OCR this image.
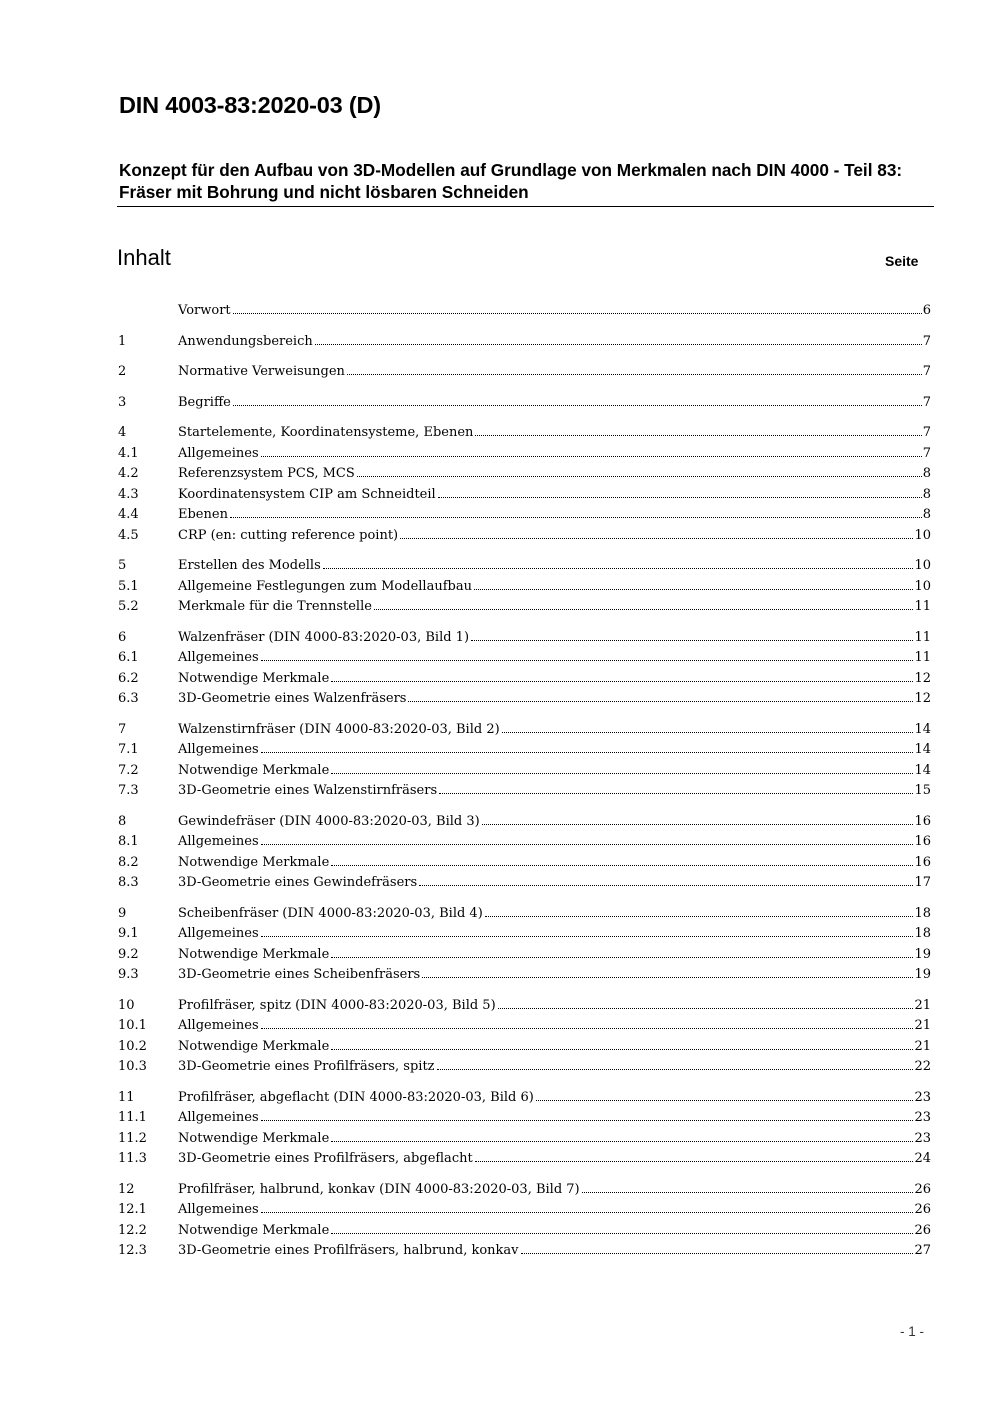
DIN 4003-83:2020-03 (D)
Konzept für den Aufbau von 3D-Modellen auf Grundlage von Merkmalen nach DIN 4000 - Teil 83: Fräser mit Bohrung und nicht lösbaren Schneiden
Inhalt	Seite
Vorwort	6
1	Anwendungsbereich	7
2	Normative Verweisungen	7
3	Begriffe	7
4	Startelemente, Koordinatensysteme, Ebenen	7
4.1	Allgemeines	7
4.2	Referenzsystem PCS, MCS	8
4.3	Koordinatensystem CIP am Schneidteil	8
4.4	Ebenen	8
4.5	CRP (en: cutting reference point)	10
5	Erstellen des Modells	10
5.1	Allgemeine Festlegungen zum Modellaufbau	10
5.2	Merkmale für die Trennstelle	11
6	Walzenfräser (DIN 4000-83:2020-03, Bild 1)	11
6.1	Allgemeines	11
6.2	Notwendige Merkmale	12
6.3	3D-Geometrie eines Walzenfräsers	12
7	Walzenstirnfräser (DIN 4000-83:2020-03, Bild 2)	14
7.1	Allgemeines	14
7.2	Notwendige Merkmale	14
7.3	3D-Geometrie eines Walzenstirnfräsers	15
8	Gewindefräser (DIN 4000-83:2020-03, Bild 3)	16
8.1	Allgemeines	16
8.2	Notwendige Merkmale	16
8.3	3D-Geometrie eines Gewindefräsers	17
9	Scheibenfräser (DIN 4000-83:2020-03, Bild 4)	18
9.1	Allgemeines	18
9.2	Notwendige Merkmale	19
9.3	3D-Geometrie eines Scheibenfräsers	19
10	Profilfräser, spitz (DIN 4000-83:2020-03, Bild 5)	21
10.1	Allgemeines	21
10.2	Notwendige Merkmale	21
10.3	3D-Geometrie eines Profilfräsers, spitz	22
11	Profilfräser, abgeflacht (DIN 4000-83:2020-03, Bild 6)	23
11.1	Allgemeines	23
11.2	Notwendige Merkmale	23
11.3	3D-Geometrie eines Profilfräsers, abgeflacht	24
12	Profilfräser, halbrund, konkav (DIN 4000-83:2020-03, Bild 7)	26
12.1	Allgemeines	26
12.2	Notwendige Merkmale	26
12.3	3D-Geometrie eines Profilfräsers, halbrund, konkav	27
- 1 -
